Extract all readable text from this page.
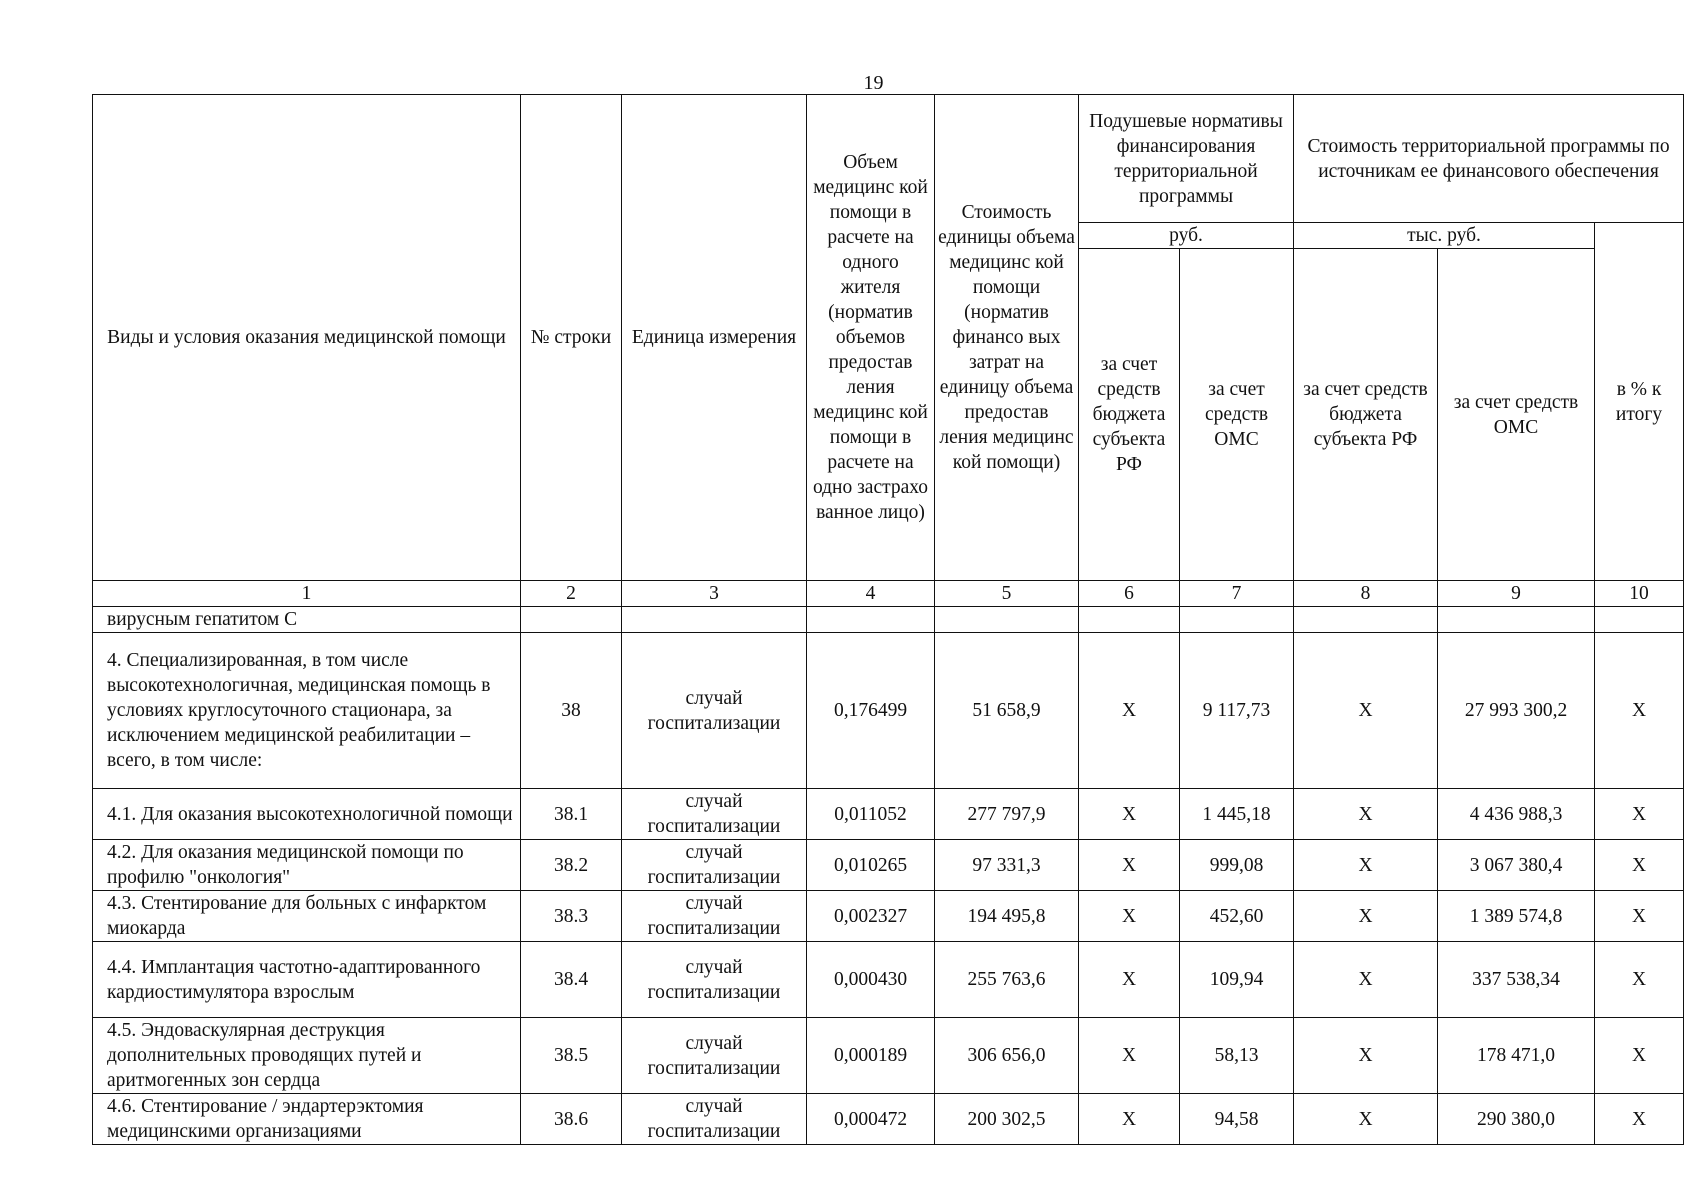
19
Виды и условия оказания медицинской помощи	№ строки	Единица измерения	Объем медицинс кой помощи в расчете на одного жителя (норматив объемов предостав ления медицинс кой помощи в расчете на одно застрахо ванное лицо)	Стоимость единицы объема медицинс кой помощи (норматив финансо вых затрат на единицу объема предостав ления медицинс кой помощи)	Подушевые нормативы финансирования территориальной программы		Стоимость территориальной программы по источникам ее финансового обеспечения		
					руб.		тыс. руб.		в % к итогу
					за счет средств бюджета субъекта РФ	за счет средств ОМС	за счет средств бюджета субъекта РФ	за счет средств ОМС	
1	2	3	4	5	6	7	8	9	10
вирусным гепатитом С									
4. Специализированная, в том числе высокотехнологичная, медицинская помощь в условиях круглосуточного стационара, за исключением медицинской реабилитации – всего, в том числе:	38	случай госпитализации	0,176499	51 658,9	Х	9 117,73	Х	27 993 300,2	Х
4.1. Для оказания высокотехнологичной помощи	38.1	случай госпитализации	0,011052	277 797,9	Х	1 445,18	Х	4 436 988,3	Х
4.2. Для оказания медицинской помощи по профилю "онкология"	38.2	случай госпитализации	0,010265	97 331,3	Х	999,08	Х	3 067 380,4	Х
4.3. Стентирование для больных с инфарктом миокарда	38.3	случай госпитализации	0,002327	194 495,8	Х	452,60	Х	1 389 574,8	Х
4.4. Имплантация частотно-адаптированного кардиостимулятора взрослым	38.4	случай госпитализации	0,000430	255 763,6	Х	109,94	Х	337 538,34	Х
4.5. Эндоваскулярная деструкция дополнительных проводящих путей и аритмогенных зон сердца	38.5	случай госпитализации	0,000189	306 656,0	Х	58,13	Х	178 471,0	Х
4.6. Стентирование / эндартерэктомия медицинскими организациями	38.6	случай госпитализации	0,000472	200 302,5	Х	94,58	Х	290 380,0	Х
